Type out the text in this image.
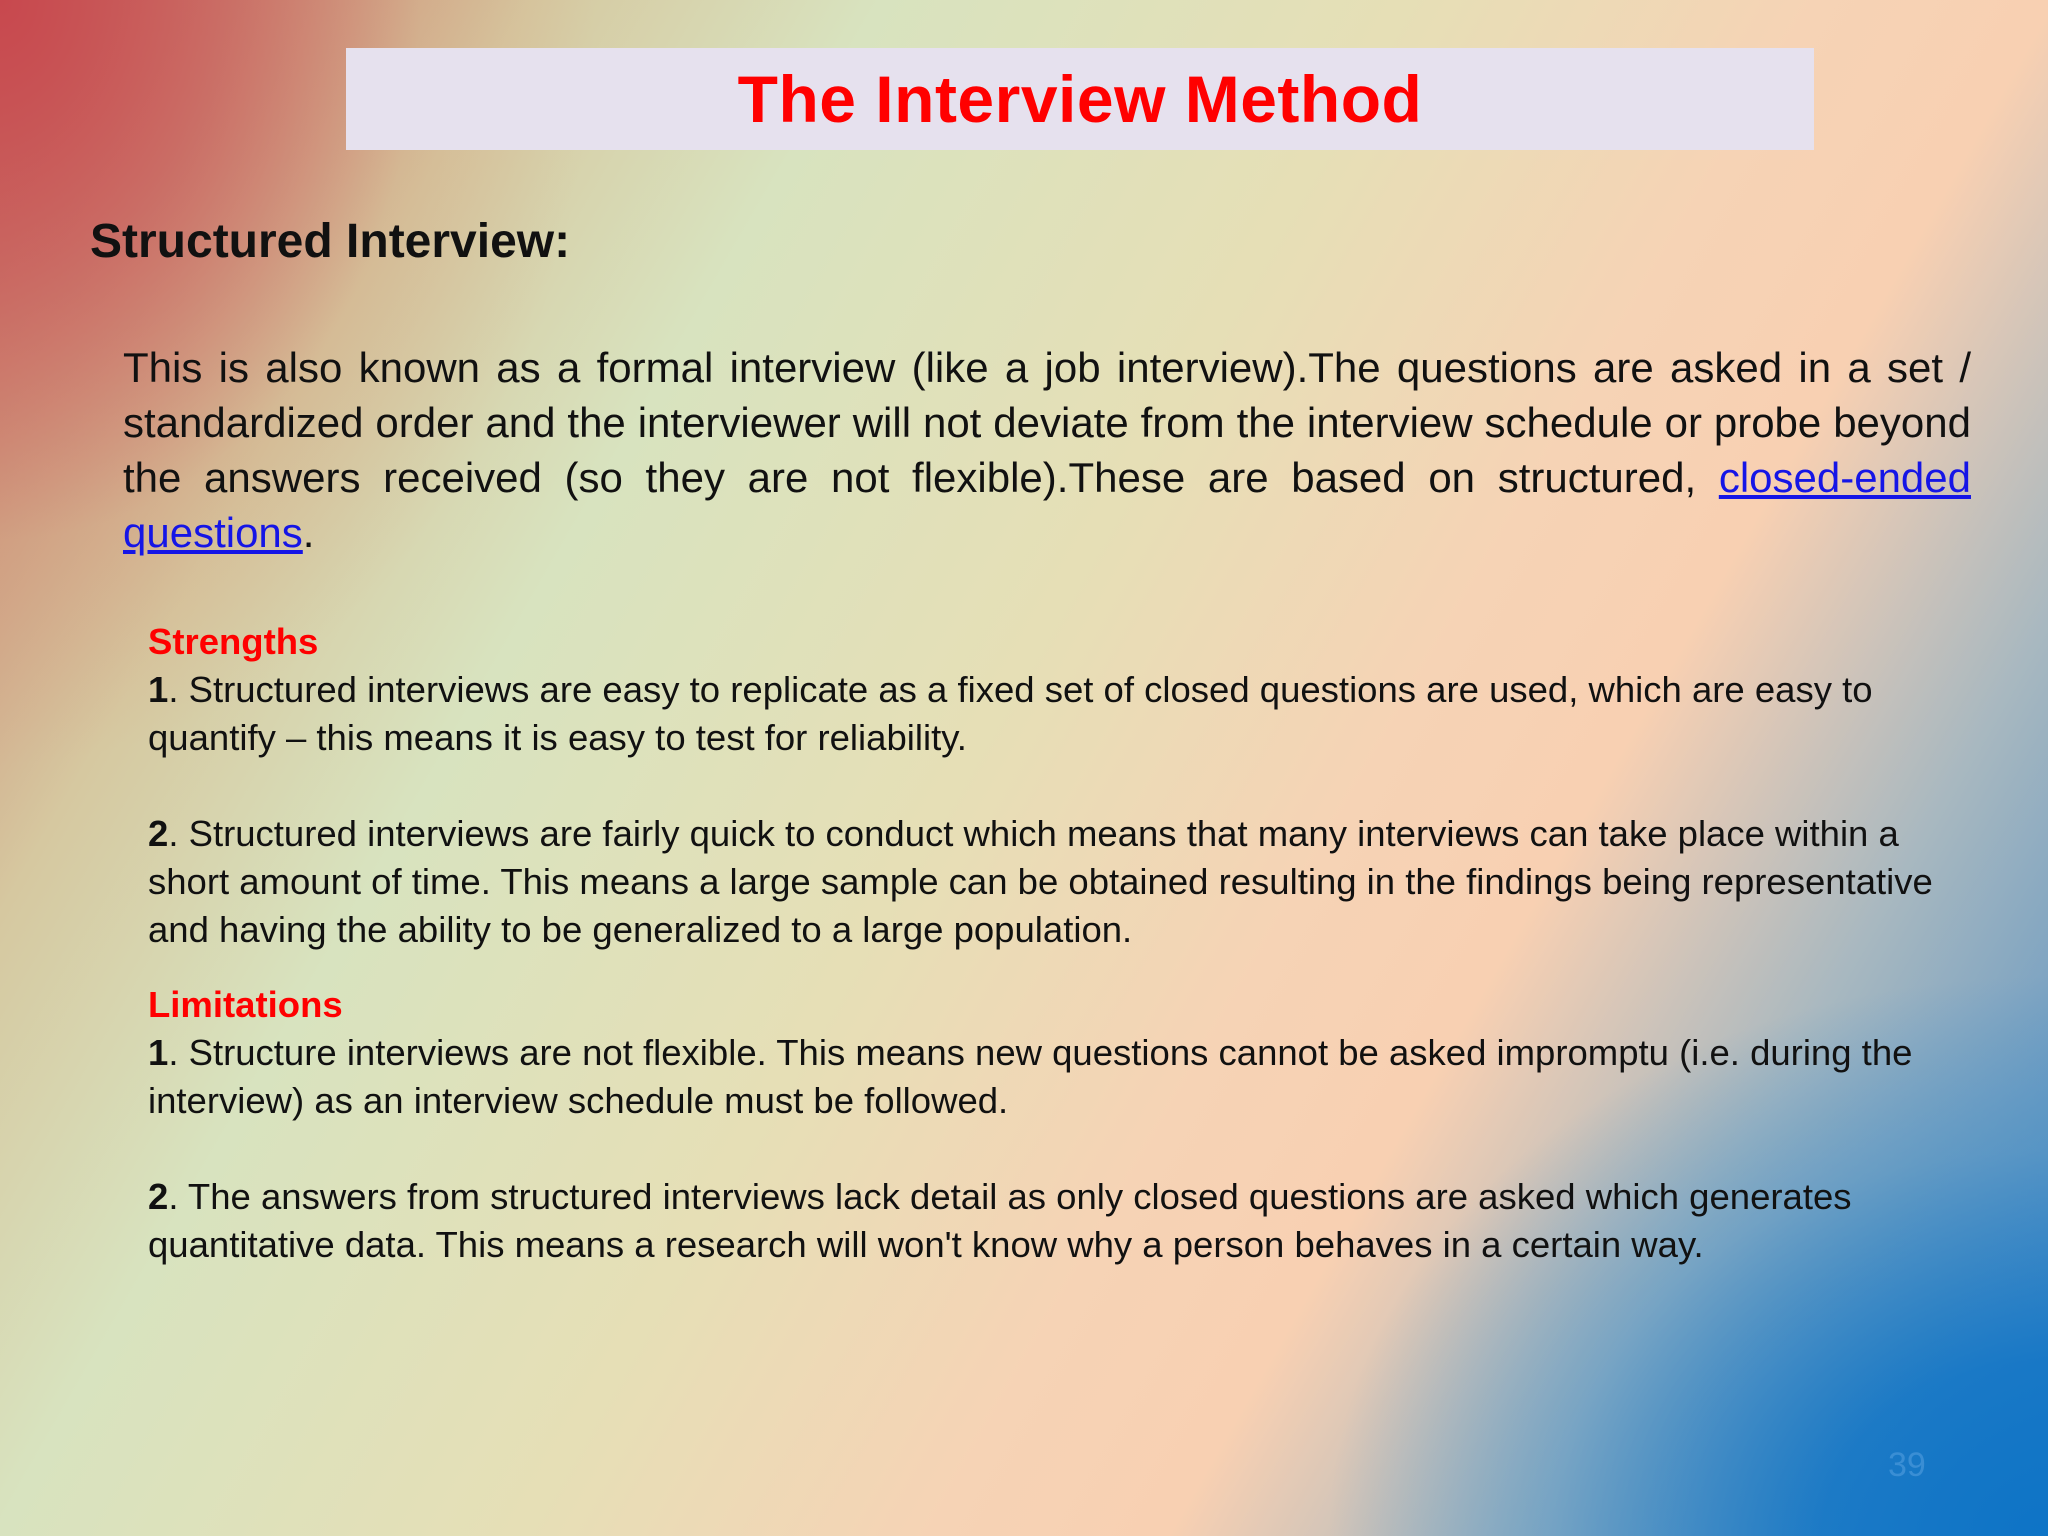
The Interview Method
Structured Interview:
This is also known as a formal interview (like a job interview).The questions are asked in a set / standardized order and the interviewer will not deviate from the interview schedule or probe beyond the answers received (so they are not flexible).These are based on structured, closed-ended questions.
Strengths
1. Structured interviews are easy to replicate as a fixed set of closed questions are used, which are easy to quantify – this means it is easy to test for reliability.
2. Structured interviews are fairly quick to conduct which means that many interviews can take place within a short amount of time. This means a large sample can be obtained resulting in the findings being representative and having the ability to be generalized to a large population.
Limitations
1. Structure interviews are not flexible. This means new questions cannot be asked impromptu (i.e. during the interview) as an interview schedule must be followed.
2. The answers from structured interviews lack detail as only closed questions are asked which generates quantitative data. This means a research will won't know why a person behaves in a certain way.
39
